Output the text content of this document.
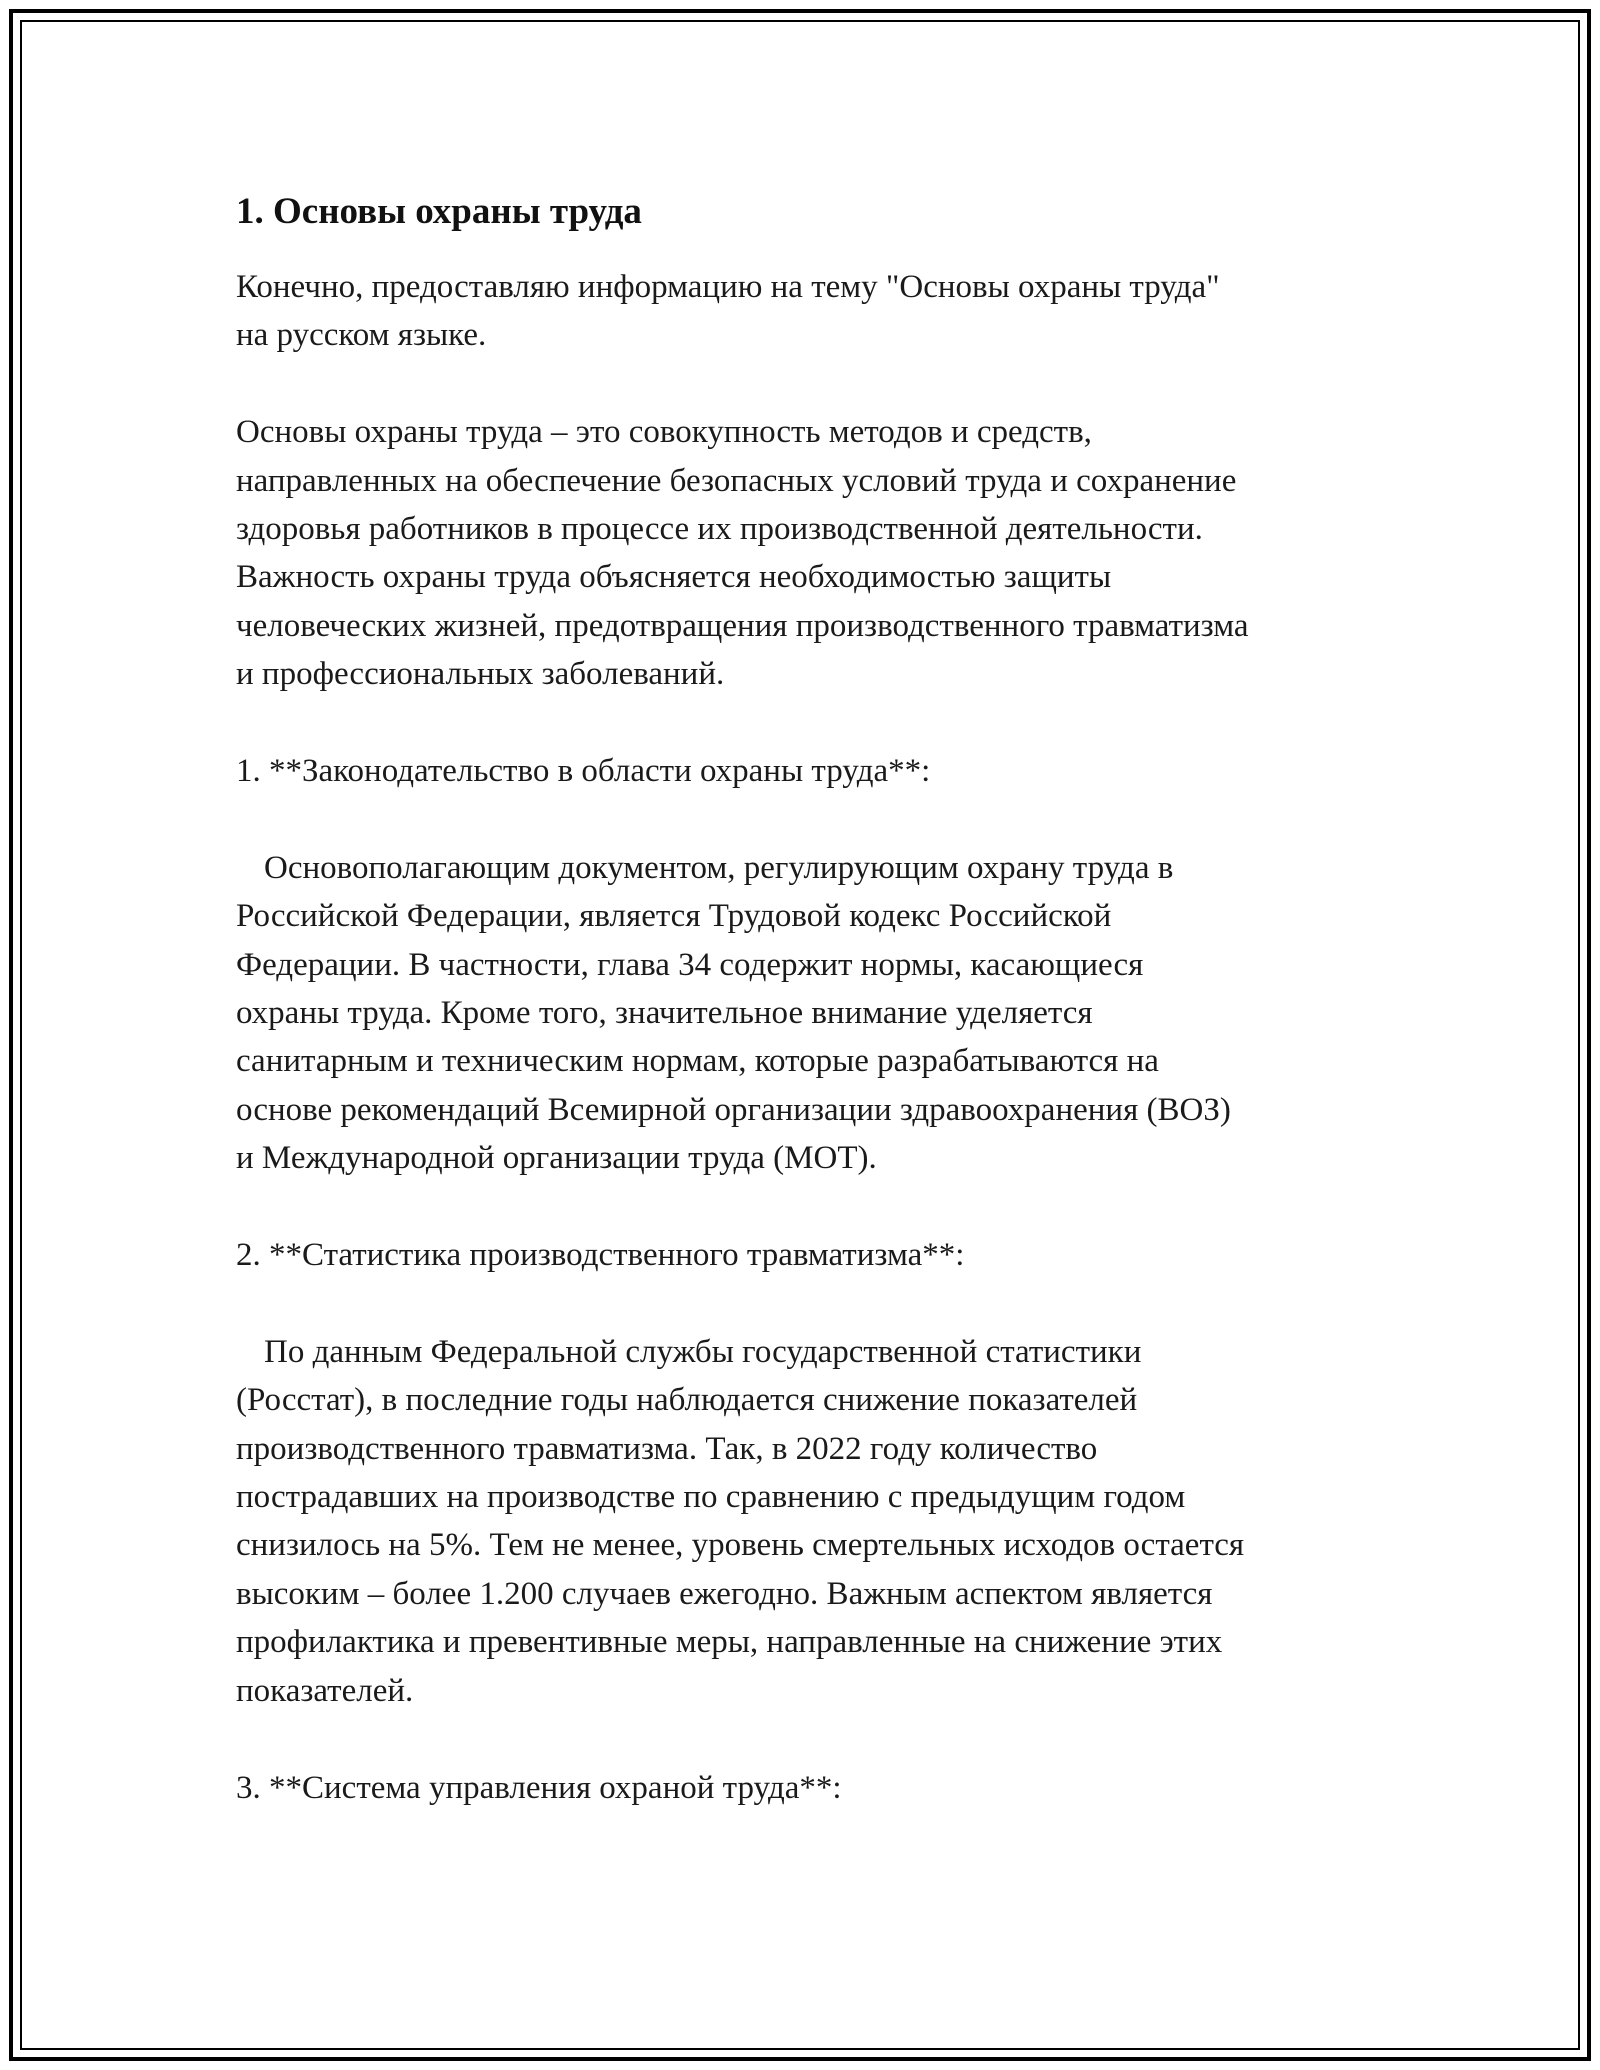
1. Основы охраны труда

Конечно, предоставляю информацию на тему "Основы охраны труда"
на русском языке.

Основы охраны труда – это совокупность методов и средств,
направленных на обеспечение безопасных условий труда и сохранение
здоровья работников в процессе их производственной деятельности.
Важность охраны труда объясняется необходимостью защиты
человеческих жизней, предотвращения производственного травматизма
и профессиональных заболеваний.

1. **Законодательство в области охраны труда**:

Основополагающим документом, регулирующим охрану труда в
Российской Федерации, является Трудовой кодекс Российской
Федерации. В частности, глава 34 содержит нормы, касающиеся
охраны труда. Кроме того, значительное внимание уделяется
санитарным и техническим нормам, которые разрабатываются на
основе рекомендаций Всемирной организации здравоохранения (ВОЗ)
и Международной организации труда (МОТ).

2. **Статистика производственного травматизма**:

По данным Федеральной службы государственной статистики
(Росстат), в последние годы наблюдается снижение показателей
производственного травматизма. Так, в 2022 году количество
пострадавших на производстве по сравнению с предыдущим годом
снизилось на 5%. Тем не менее, уровень смертельных исходов остается
высоким – более 1.200 случаев ежегодно. Важным аспектом является
профилактика и превентивные меры, направленные на снижение этих
показателей.

3. **Система управления охраной труда**:
